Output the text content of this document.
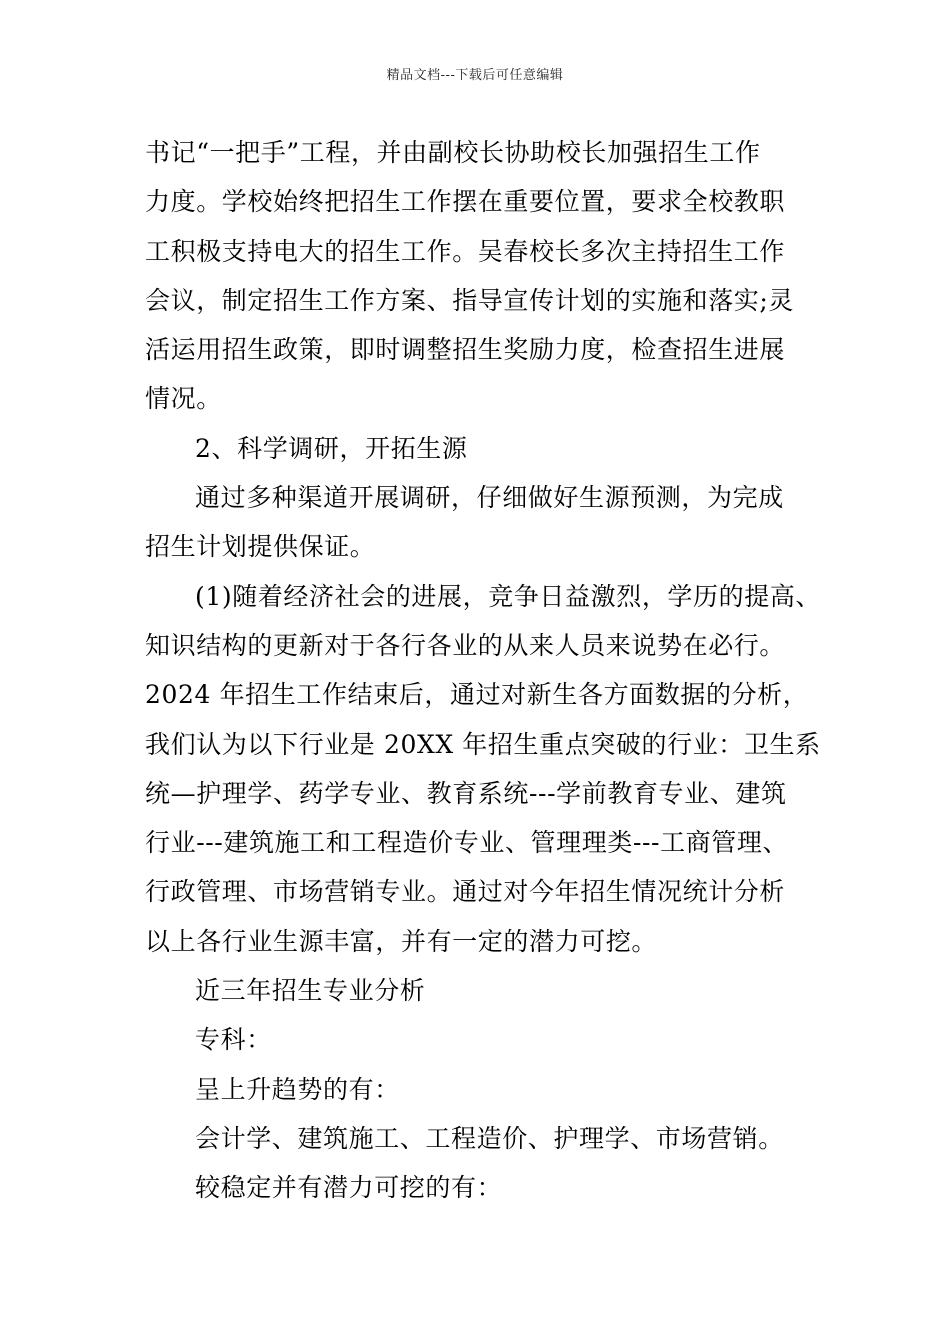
精品文档---下载后可任意编辑
书记“一把手”工程，并由副校长协助校长加强招生工作
力度。学校始终把招生工作摆在重要位置，要求全校教职
工积极支持电大的招生工作。吴春校长多次主持招生工作
会议，制定招生工作方案、指导宣传计划的实施和落实;灵
活运用招生政策，即时调整招生奖励力度，检查招生进展
情况。
2、科学调研，开拓生源
通过多种渠道开展调研，仔细做好生源预测，为完成
招生计划提供保证。
(1)随着经济社会的进展，竞争日益激烈，学历的提高、
知识结构的更新对于各行各业的从来人员来说势在必行。
2024 年招生工作结束后，通过对新生各方面数据的分析，
我们认为以下行业是 20XX 年招生重点突破的行业：卫生系
统—护理学、药学专业、教育系统---学前教育专业、建筑
行业---建筑施工和工程造价专业、管理理类---工商管理、
行政管理、市场营销专业。通过对今年招生情况统计分析
以上各行业生源丰富，并有一定的潜力可挖。
近三年招生专业分析
专科：
呈上升趋势的有：
会计学、建筑施工、工程造价、护理学、市场营销。
较稳定并有潜力可挖的有：
